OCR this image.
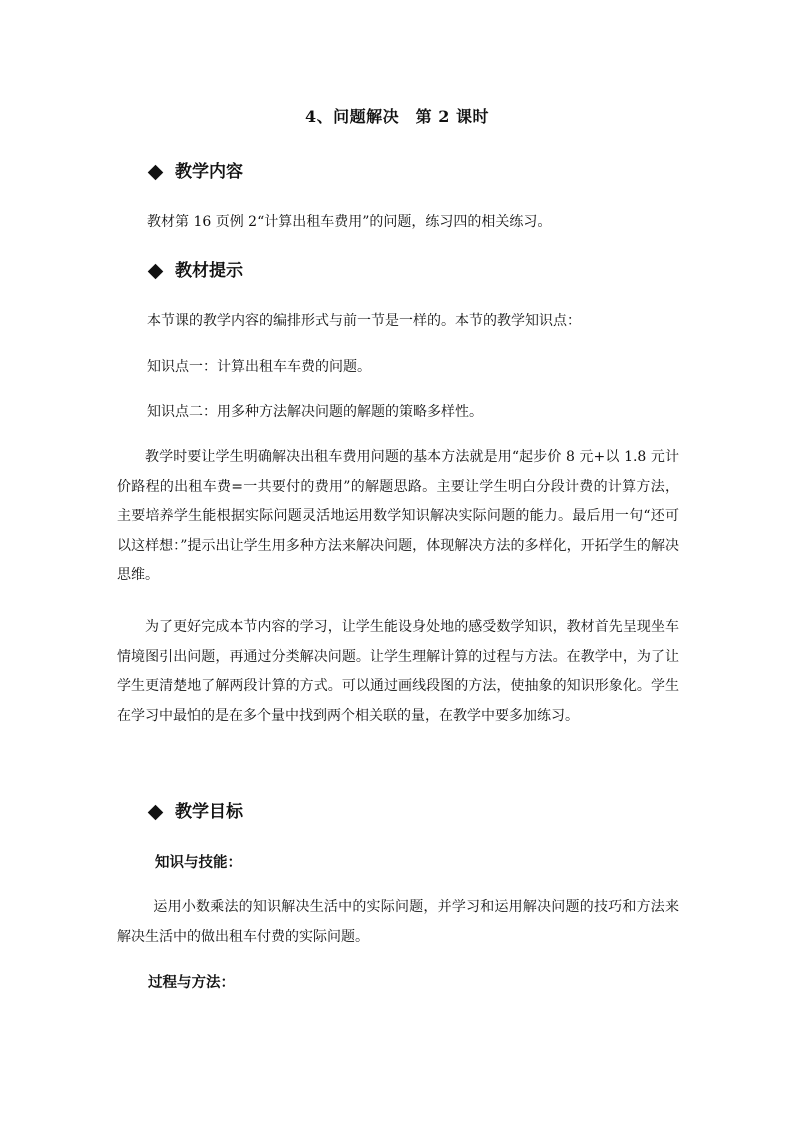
4、问题解决　第 2 课时

教学内容

教材第 16 页例 2“计算出租车费用”的问题，练习四的相关练习。

教材提示

本节课的教学内容的编排形式与前一节是一样的。本节的教学知识点：

知识点一：计算出租车车费的问题。

知识点二：用多种方法解决问题的解题的策略多样性。

教学时要让学生明确解决出租车费用问题的基本方法就是用“起步价 8 元+以 1.8 元计价路程的出租车费=一共要付的费用”的解题思路。主要让学生明白分段计费的计算方法，主要培养学生能根据实际问题灵活地运用数学知识解决实际问题的能力。最后用一句“还可以这样想：”提示出让学生用多种方法来解决问题，体现解决方法的多样化，开拓学生的解决思维。

为了更好完成本节内容的学习，让学生能设身处地的感受数学知识，教材首先呈现坐车情境图引出问题，再通过分类解决问题。让学生理解计算的过程与方法。在教学中，为了让学生更清楚地了解两段计算的方式。可以通过画线段图的方法，使抽象的知识形象化。学生在学习中最怕的是在多个量中找到两个相关联的量，在教学中要多加练习。

教学目标

知识与技能：

运用小数乘法的知识解决生活中的实际问题，并学习和运用解决问题的技巧和方法来解决生活中的做出租车付费的实际问题。

过程与方法：
